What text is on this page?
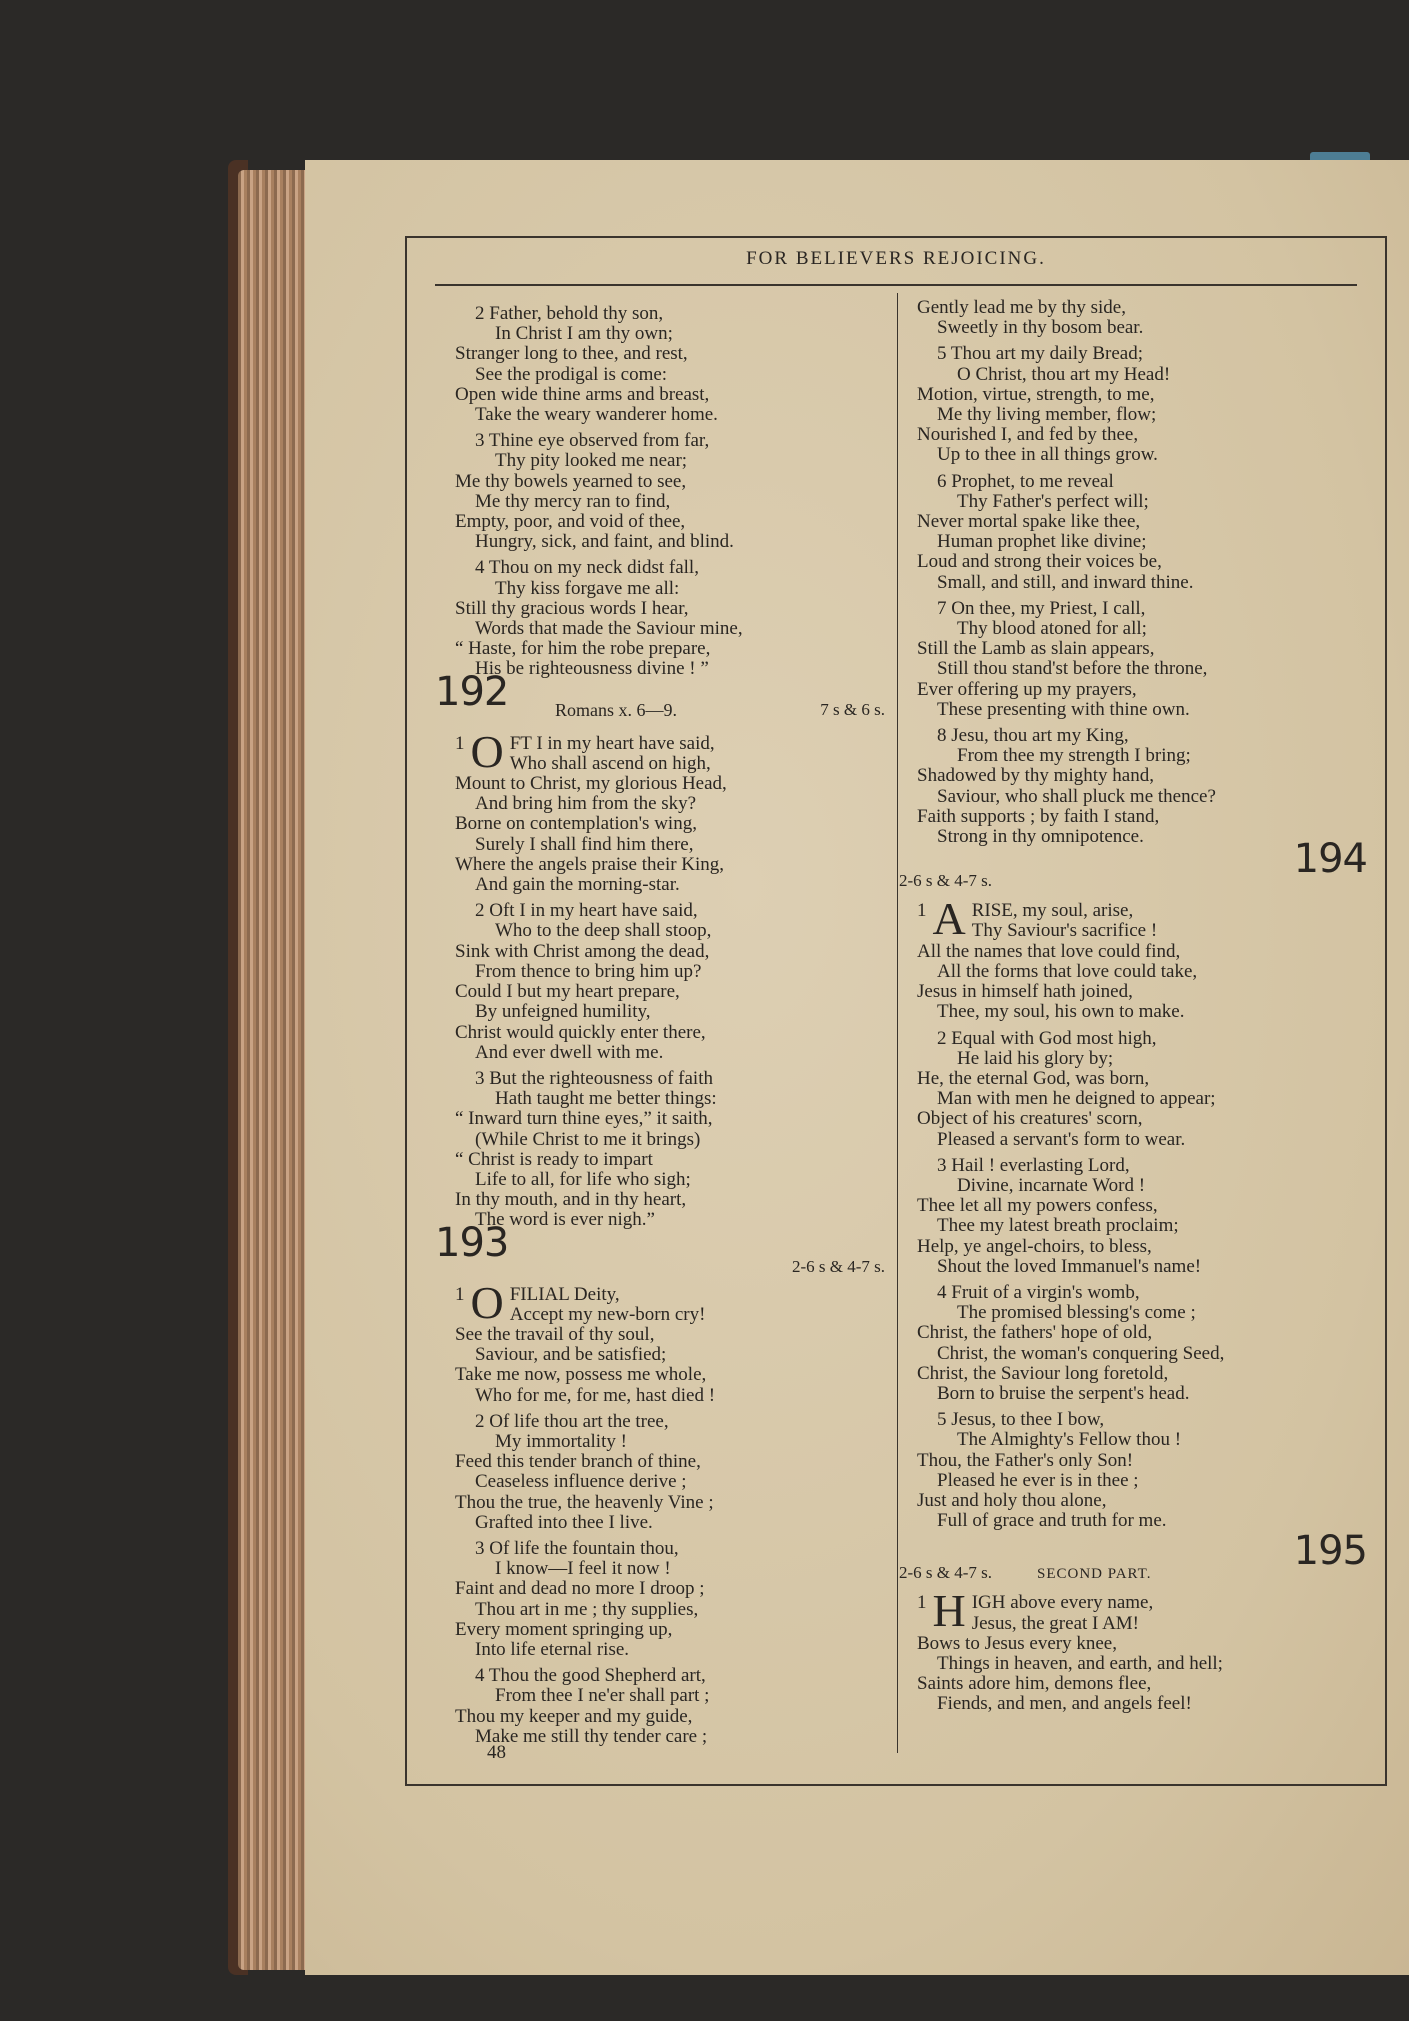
FOR BELIEVERS REJOICING.
2 Father, behold thy son,
In Christ I am thy own;
Stranger long to thee, and rest,
See the prodigal is come:
Open wide thine arms and breast,
Take the weary wanderer home.
3 Thine eye observed from far,
Thy pity looked me near;
Me thy bowels yearned to see,
Me thy mercy ran to find,
Empty, poor, and void of thee,
Hungry, sick, and faint, and blind.
4 Thou on my neck didst fall,
Thy kiss forgave me all:
Still thy gracious words I hear,
Words that made the Saviour mine,
“ Haste, for him the robe prepare,
His be righteousness divine ! ”
192	Romans x. 6—9.	7 s & 6 s.
1 O FT I in my heart have said,
Who shall ascend on high,
Mount to Christ, my glorious Head,
And bring him from the sky?
Borne on contemplation's wing,
Surely I shall find him there,
Where the angels praise their King,
And gain the morning-star.
2 Oft I in my heart have said,
Who to the deep shall stoop,
Sink with Christ among the dead,
From thence to bring him up?
Could I but my heart prepare,
By unfeigned humility,
Christ would quickly enter there,
And ever dwell with me.
3 But the righteousness of faith
Hath taught me better things:
“ Inward turn thine eyes,” it saith,
(While Christ to me it brings)
“ Christ is ready to impart
Life to all, for life who sigh;
In thy mouth, and in thy heart,
The word is ever nigh.”
193
2-6 s & 4-7 s.
1 O FILIAL Deity,
Accept my new-born cry!
See the travail of thy soul,
Saviour, and be satisfied;
Take me now, possess me whole,
Who for me, for me, hast died !
2 Of life thou art the tree,
My immortality !
Feed this tender branch of thine,
Ceaseless influence derive ;
Thou the true, the heavenly Vine ;
Grafted into thee I live.
3 Of life the fountain thou,
I know—I feel it now !
Faint and dead no more I droop ;
Thou art in me ; thy supplies,
Every moment springing up,
Into life eternal rise.
4 Thou the good Shepherd art,
From thee I ne'er shall part ;
Thou my keeper and my guide,
Make me still thy tender care ;
Gently lead me by thy side,
Sweetly in thy bosom bear.
5 Thou art my daily Bread;
O Christ, thou art my Head!
Motion, virtue, strength, to me,
Me thy living member, flow;
Nourished I, and fed by thee,
Up to thee in all things grow.
6 Prophet, to me reveal
Thy Father's perfect will;
Never mortal spake like thee,
Human prophet like divine;
Loud and strong their voices be,
Small, and still, and inward thine.
7 On thee, my Priest, I call,
Thy blood atoned for all;
Still the Lamb as slain appears,
Still thou stand'st before the throne,
Ever offering up my prayers,
These presenting with thine own.
8 Jesu, thou art my King,
From thee my strength I bring;
Shadowed by thy mighty hand,
Saviour, who shall pluck me thence?
Faith supports ; by faith I stand,
Strong in thy omnipotence.
2-6 s & 4-7 s.	194
1 A RISE, my soul, arise,
Thy Saviour's sacrifice !
All the names that love could find,
All the forms that love could take,
Jesus in himself hath joined,
Thee, my soul, his own to make.
2 Equal with God most high,
He laid his glory by;
He, the eternal God, was born,
Man with men he deigned to appear;
Object of his creatures' scorn,
Pleased a servant's form to wear.
3 Hail ! everlasting Lord,
Divine, incarnate Word !
Thee let all my powers confess,
Thee my latest breath proclaim;
Help, ye angel-choirs, to bless,
Shout the loved Immanuel's name!
4 Fruit of a virgin's womb,
The promised blessing's come ;
Christ, the fathers' hope of old,
Christ, the woman's conquering Seed,
Christ, the Saviour long foretold,
Born to bruise the serpent's head.
5 Jesus, to thee I bow,
The Almighty's Fellow thou !
Thou, the Father's only Son!
Pleased he ever is in thee ;
Just and holy thou alone,
Full of grace and truth for me.
2-6 s & 4-7 s.	SECOND PART.	195
1 H IGH above every name,
Jesus, the great I AM!
Bows to Jesus every knee,
Things in heaven, and earth, and hell;
Saints adore him, demons flee,
Fiends, and men, and angels feel!
48
